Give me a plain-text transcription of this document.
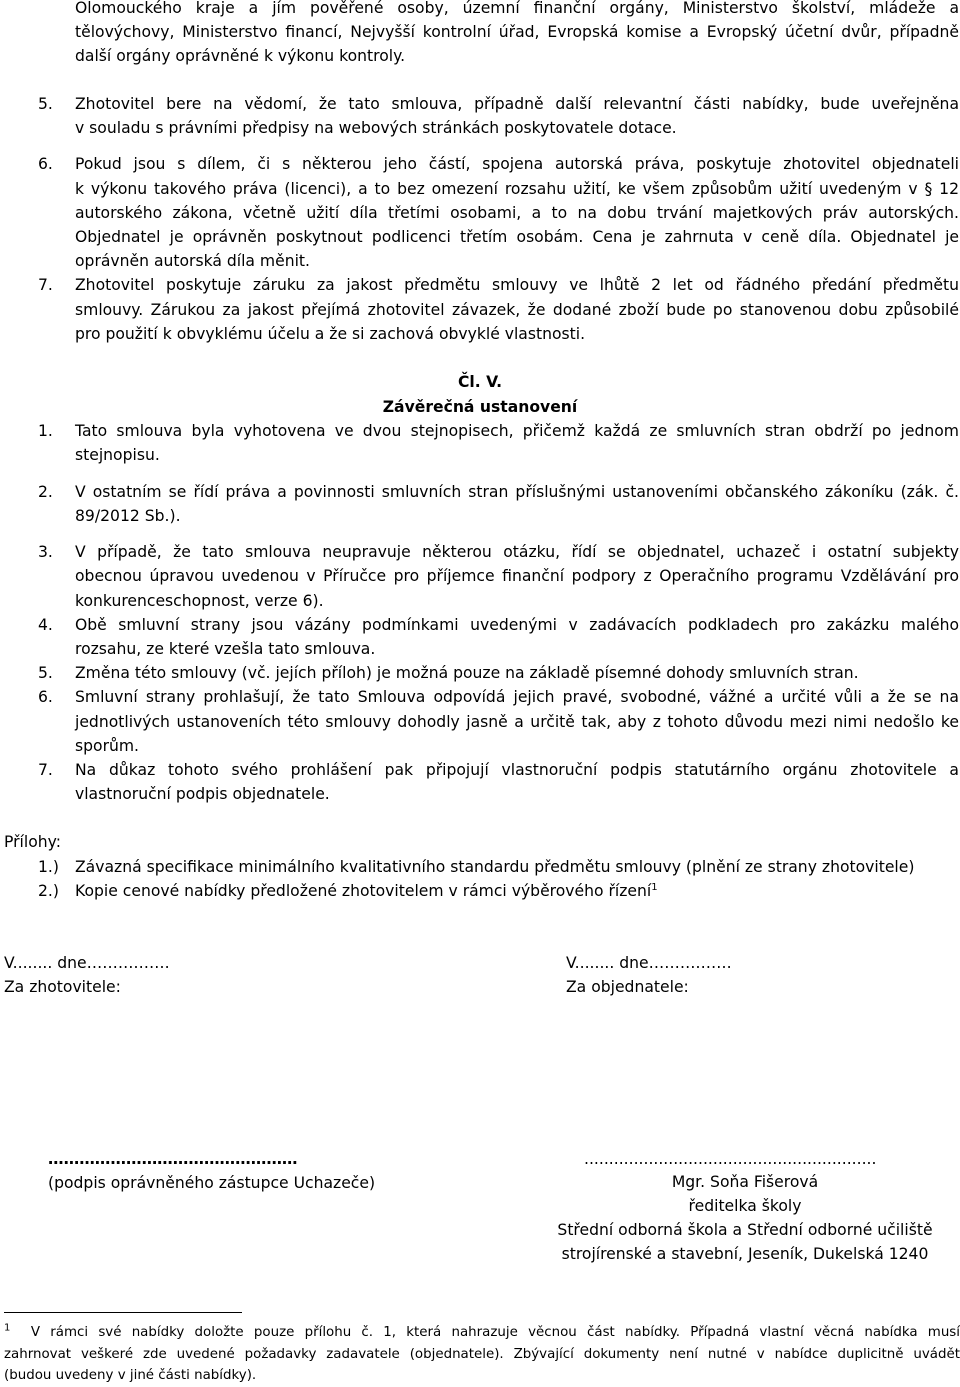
Olomouckého kraje a jím pověřené osoby, územní finanční orgány, Ministerstvo školství, mládeže a
tělovýchovy, Ministerstvo financí, Nejvyšší kontrolní úřad, Evropská komise a Evropský účetní dvůr, případně
další orgány oprávněné k výkonu kontroly.
5. Zhotovitel bere na vědomí, že tato smlouva, případně další relevantní části nabídky, bude uveřejněna
v souladu s právními předpisy na webových stránkách poskytovatele dotace.
6. Pokud jsou s dílem, či s některou jeho částí, spojena autorská práva, poskytuje zhotovitel objednateli
k výkonu takového práva (licenci), a to bez omezení rozsahu užití, ke všem způsobům užití uvedeným v § 12
autorského zákona, včetně užití díla třetími osobami, a to na dobu trvání majetkových práv autorských.
Objednatel je oprávněn poskytnout podlicenci třetím osobám. Cena je zahrnuta v ceně díla. Objednatel je
oprávněn autorská díla měnit.
7. Zhotovitel poskytuje záruku za jakost předmětu smlouvy ve lhůtě 2 let od řádného předání předmětu
smlouvy. Zárukou za jakost přejímá zhotovitel závazek, že dodané zboží bude po stanovenou dobu způsobilé
pro použití k obvyklému účelu a že si zachová obvyklé vlastnosti.
Čl. V.
Závěrečná ustanovení
1. Tato smlouva byla vyhotovena ve dvou stejnopisech, přičemž každá ze smluvních stran obdrží po jednom
stejnopisu.
2. V ostatním se řídí práva a povinnosti smluvních stran příslušnými ustanoveními občanského zákoníku (zák. č.
89/2012 Sb.).
3. V případě, že tato smlouva neupravuje některou otázku, řídí se objednatel, uchazeč i ostatní subjekty
obecnou úpravou uvedenou v Příručce pro příjemce finanční podpory z Operačního programu Vzdělávání pro
konkurenceschopnost, verze 6).
4. Obě smluvní strany jsou vázány podmínkami uvedenými v zadávacích podkladech pro zakázku malého
rozsahu, ze které vzešla tato smlouva.
5. Změna této smlouvy (vč. jejích příloh) je možná pouze na základě písemné dohody smluvních stran.
6. Smluvní strany prohlašují, že tato Smlouva odpovídá jejich pravé, svobodné, vážné a určité vůli a že se na
jednotlivých ustanoveních této smlouvy dohodly jasně a určitě tak, aby z tohoto důvodu mezi nimi nedošlo ke
sporům.
7. Na důkaz tohoto svého prohlášení pak připojují vlastnoruční podpis statutárního orgánu zhotovitele a
vlastnoruční podpis objednatele.
Přílohy:
1.) Závazná specifikace minimálního kvalitativního standardu předmětu smlouvy (plnění ze strany zhotovitele)
2.) Kopie cenové nabídky předložené zhotovitelem v rámci výběrového řízení$^1$
V........ dne…………….
Za zhotovitele:
V........ dne…………….
Za objednatele:
…………………………………………
(podpis oprávněného zástupce Uchazeče)
...........................................................
Mgr. Soňa Fišerová
ředitelka školy
Střední odborná škola a Střední odborné učiliště
strojírenské a stavební, Jeseník, Dukelská 1240
$^1$ V rámci své nabídky doložte pouze přílohu č. 1, která nahrazuje věcnou část nabídky. Případná vlastní věcná nabídka musí
zahrnovat veškeré zde uvedené požadavky zadavatele (objednatele). Zbývající dokumenty není nutné v nabídce duplicitně uvádět
(budou uvedeny v jiné části nabídky).
